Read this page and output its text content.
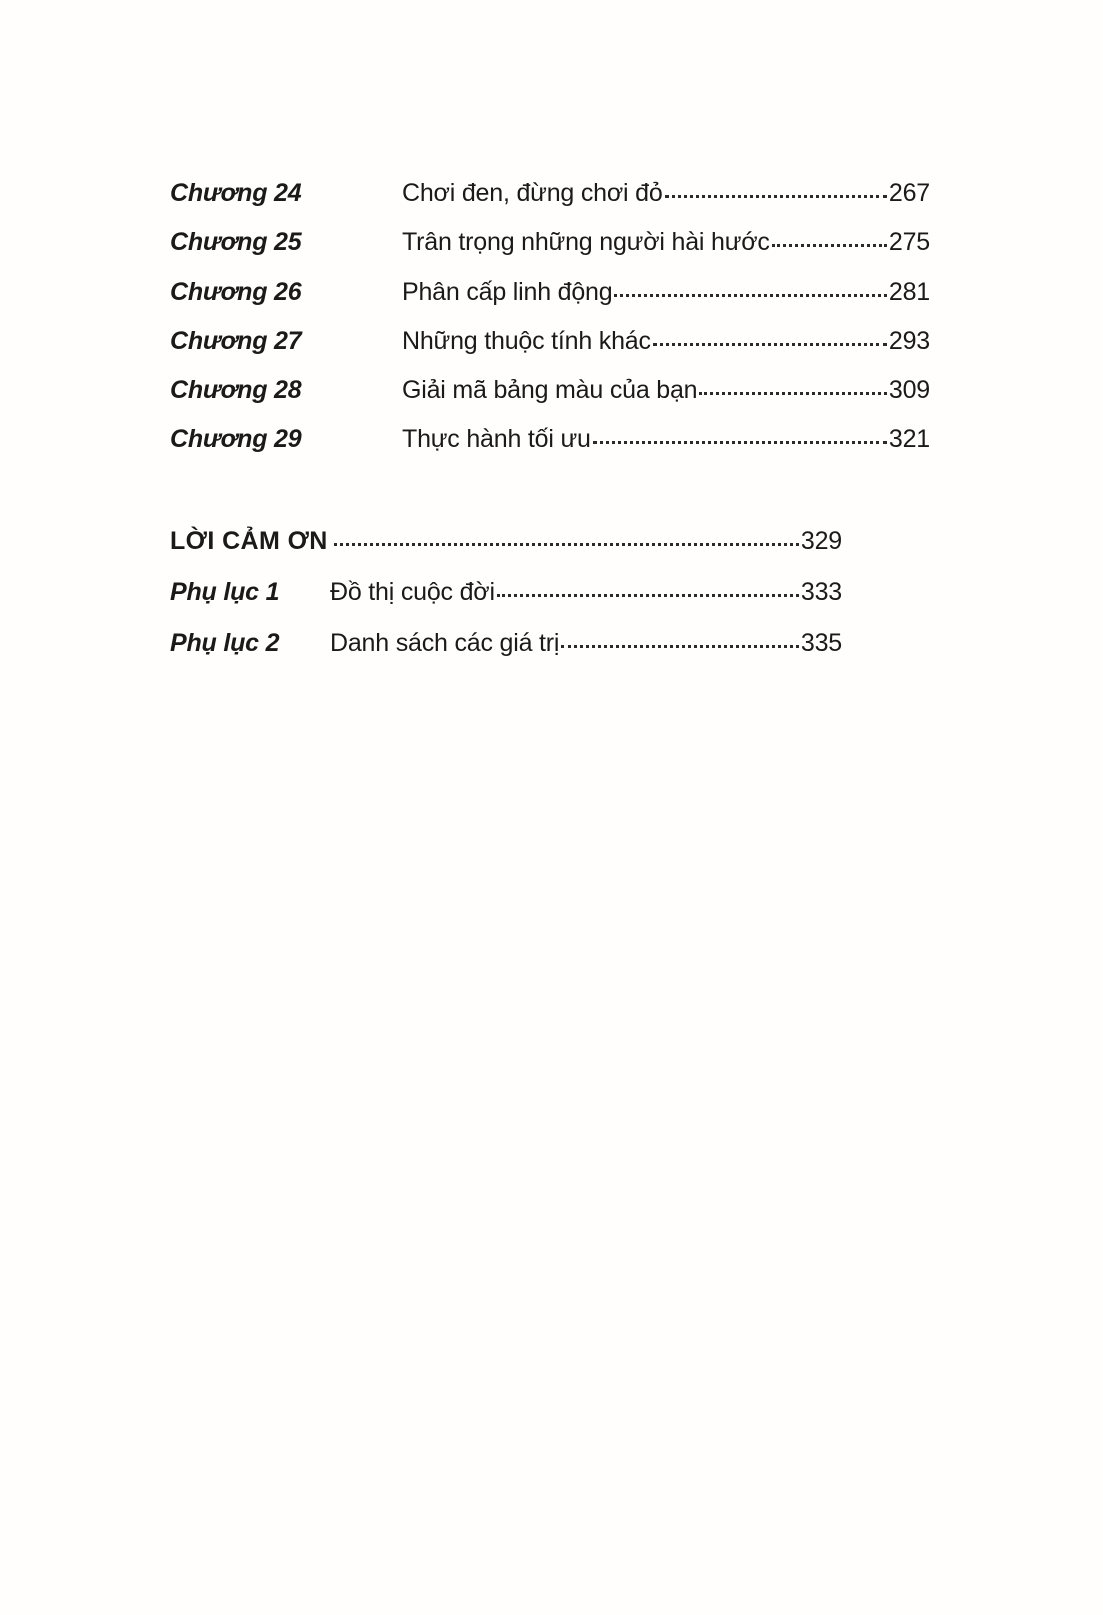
Chương 24	Chơi đen, đừng chơi đỏ	267
Chương 25	Trân trọng những người hài hước	275
Chương 26	Phân cấp linh động	281
Chương 27	Những thuộc tính khác	293
Chương 28	Giải mã bảng màu của bạn	309
Chương 29	Thực hành tối ưu	321
LỜI CẢM ƠN	329
Phụ lục 1	Đồ thị cuộc đời	333
Phụ lục 2	Danh sách các giá trị	335
